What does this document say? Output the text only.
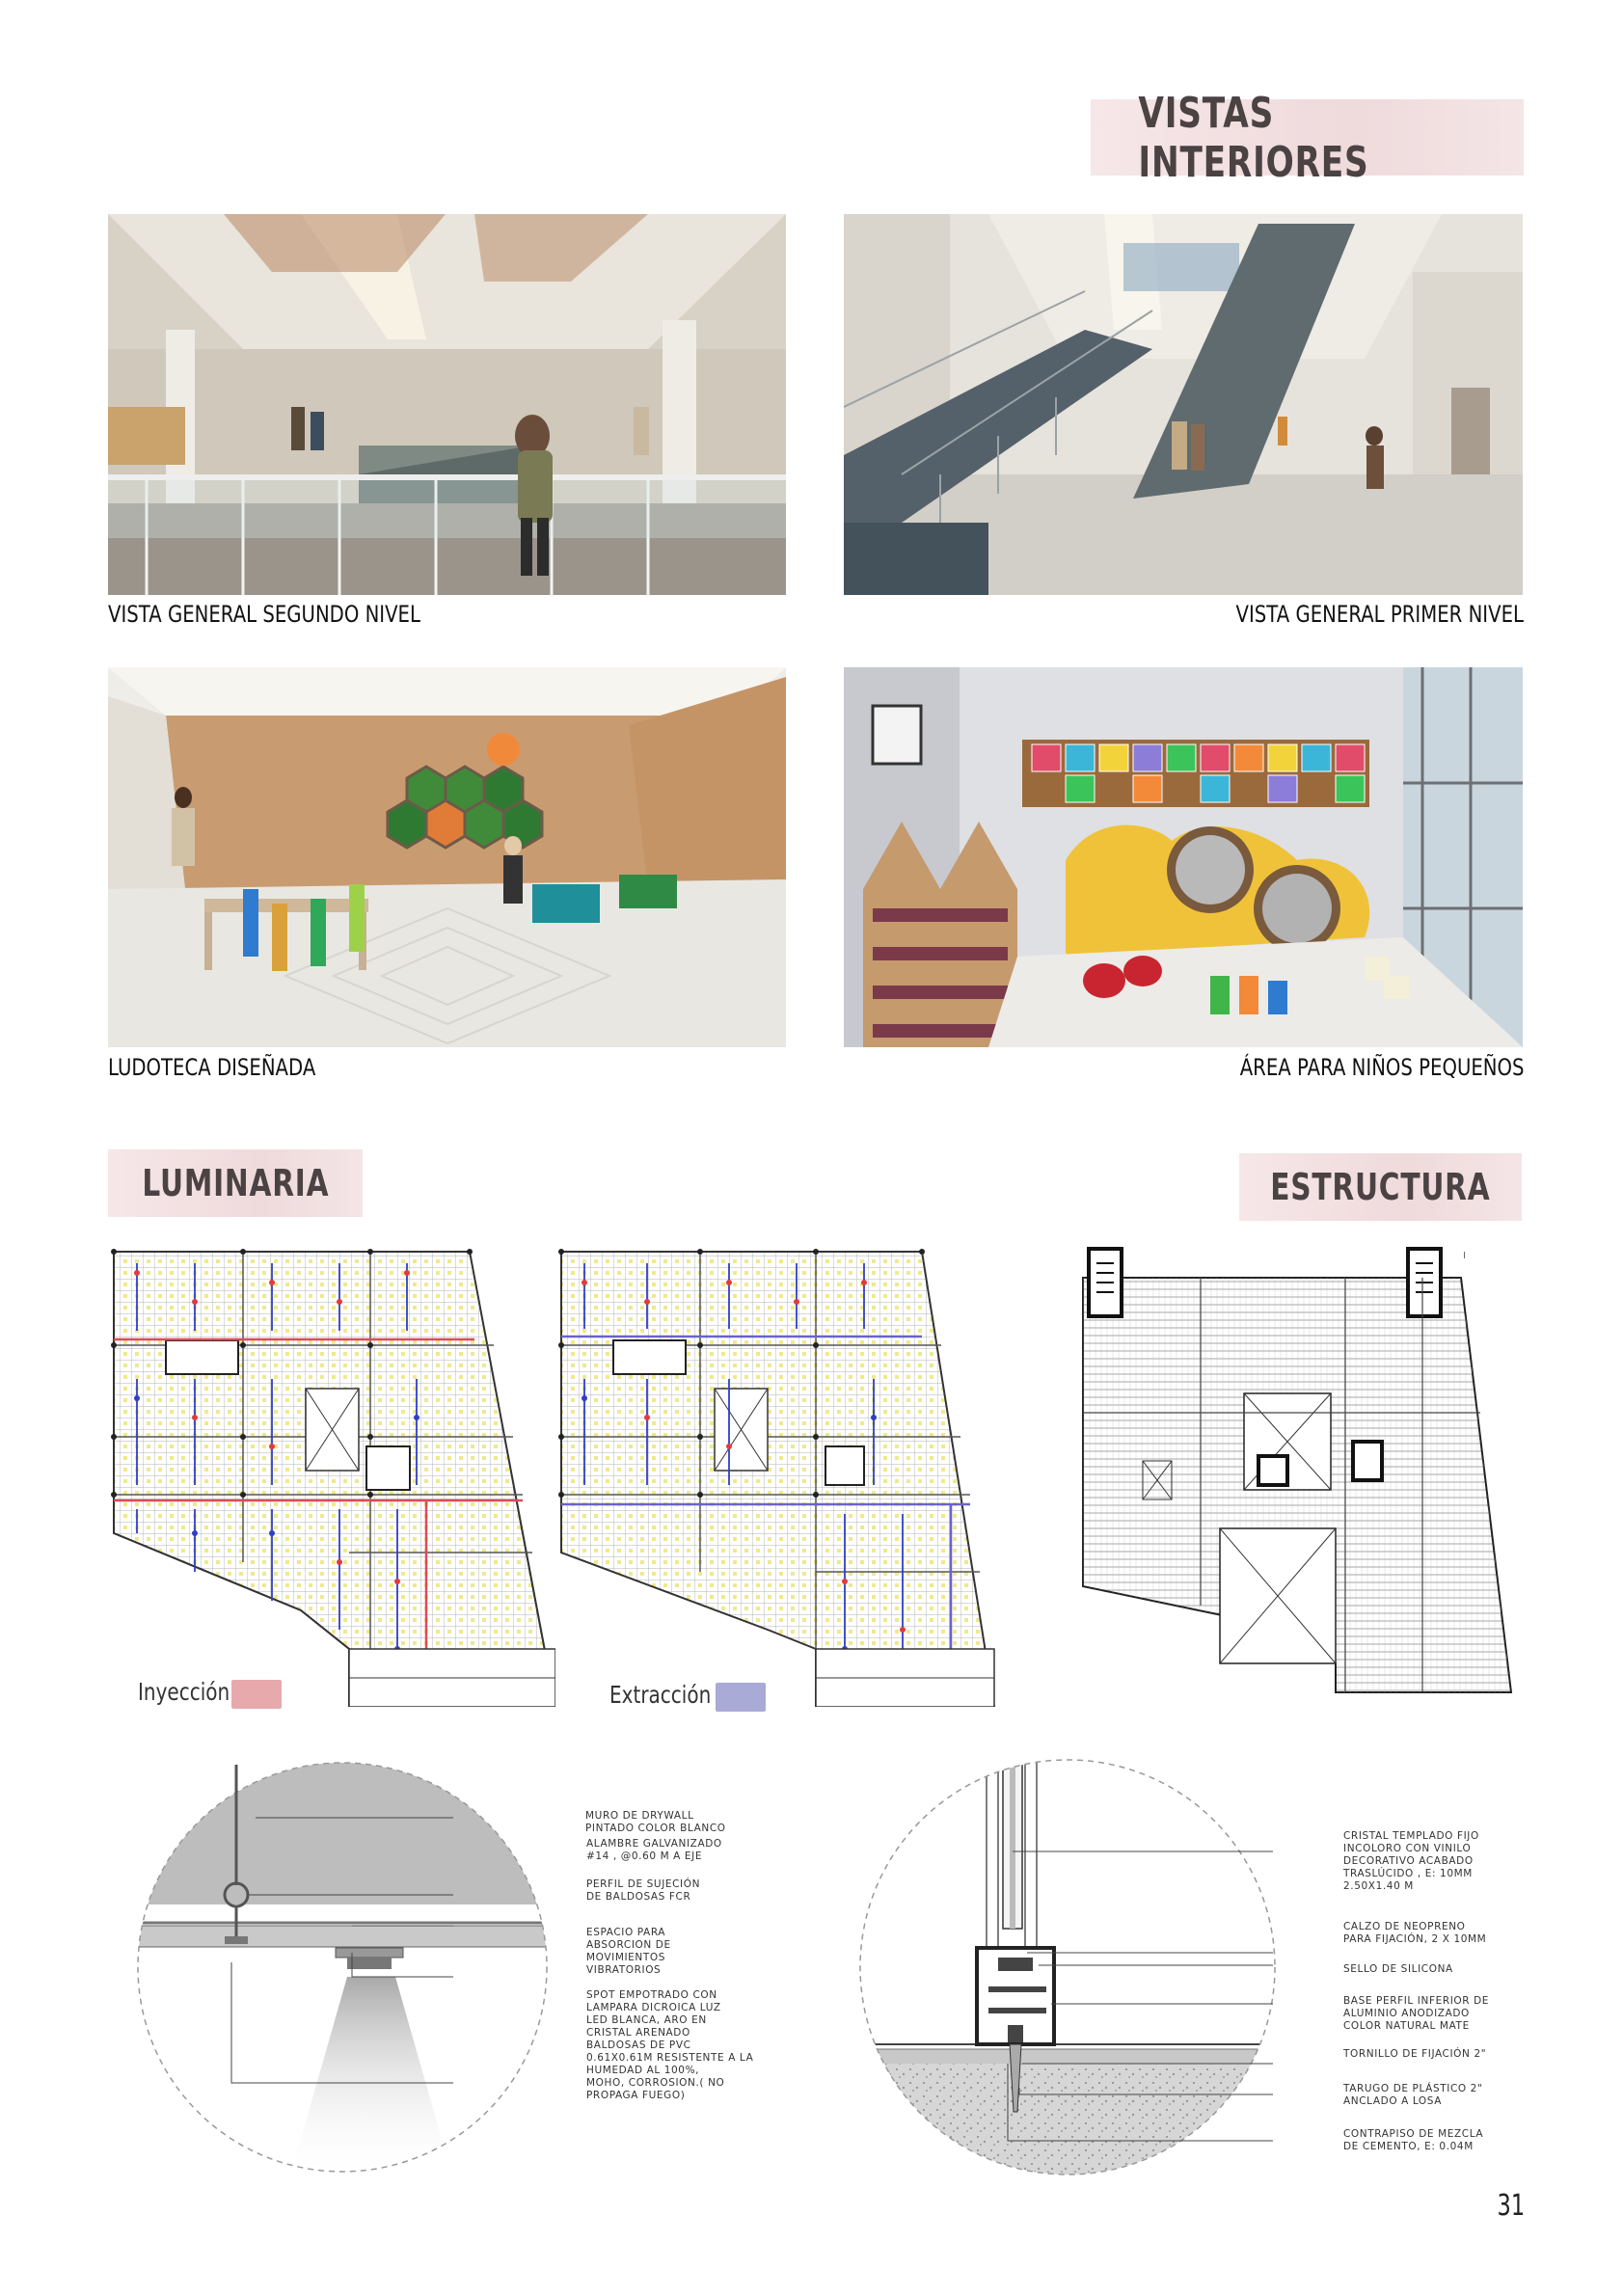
VISTAS INTERIORES
VISTA GENERAL SEGUNDO NIVEL	VISTA GENERAL PRIMER NIVEL
LUDOTECA DISEÑADA	ÁREA PARA NIÑOS PEQUEÑOS
LUMINARIA	ESTRUCTURA
Inyección	Extracción
I
MURO DE DRYWALL
PINTADO COLOR BLANCO
ALAMBRE GALVANIZADO
#14 , @0.60 M A EJE
PERFIL DE SUJECIÓN
DE BALDOSAS FCR
ESPACIO PARA
ABSORCION DE
MOVIMIENTOS
VIBRATORIOS
SPOT EMPOTRADO CON
LAMPARA DICROICA LUZ
LED BLANCA, ARO EN
CRISTAL ARENADO
BALDOSAS DE PVC
0.61X0.61M RESISTENTE A LA
HUMEDAD AL 100%,
MOHO, CORROSION.( NO
PROPAGA FUEGO)
CRISTAL TEMPLADO FIJO
INCOLORO CON VINILO
DECORATIVO ACABADO
TRASLÚCIDO , E: 10MM
2.50X1.40 M
CALZO DE NEOPRENO
PARA FIJACIÓN, 2 X 10MM
SELLO DE SILICONA
BASE PERFIL INFERIOR DE
ALUMINIO ANODIZADO
COLOR NATURAL MATE
TORNILLO DE FIJACIÓN 2"
TARUGO DE PLÁSTICO 2"
ANCLADO A LOSA
CONTRAPISO DE MEZCLA
DE CEMENTO, E: 0.04M
31
